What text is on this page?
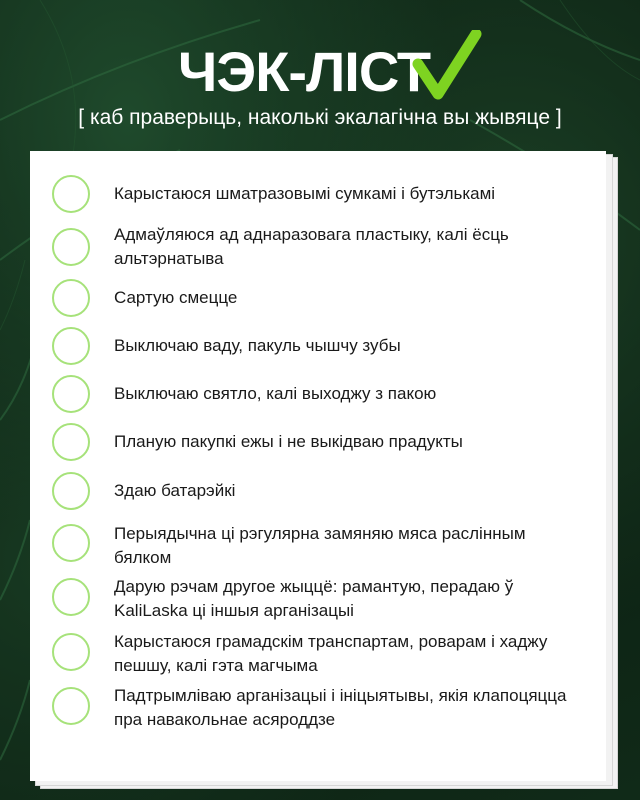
ЧЭК-ЛІСТ
[ каб праверыць, наколькі экалагічна вы жывяце ]
Карыстаюся шматразовымі сумкамі і бутэлькамі
Адмаўляюся ад аднаразовага пластыку, калі ёсць альтэрнатыва
Сартую смецце
Выключаю ваду, пакуль чышчу зубы
Выключаю святло, калі выходжу з пакою
Планую пакупкі ежы і не выкідваю прадукты
Здаю батарэйкі
Перыядычна ці рэгулярна замяняю мяса раслінным бялком
Дарую рэчам другое жыццё: рамантую, перадаю ў KaliLaska ці іншыя арганізацыі
Карыстаюся грамадскім транспартам, роварам і хаджу пешшу, калі гэта магчыма
Падтрымліваю арганізацыі і ініцыятывы, якія клапоцяцца пра навакольнае асяроддзе
